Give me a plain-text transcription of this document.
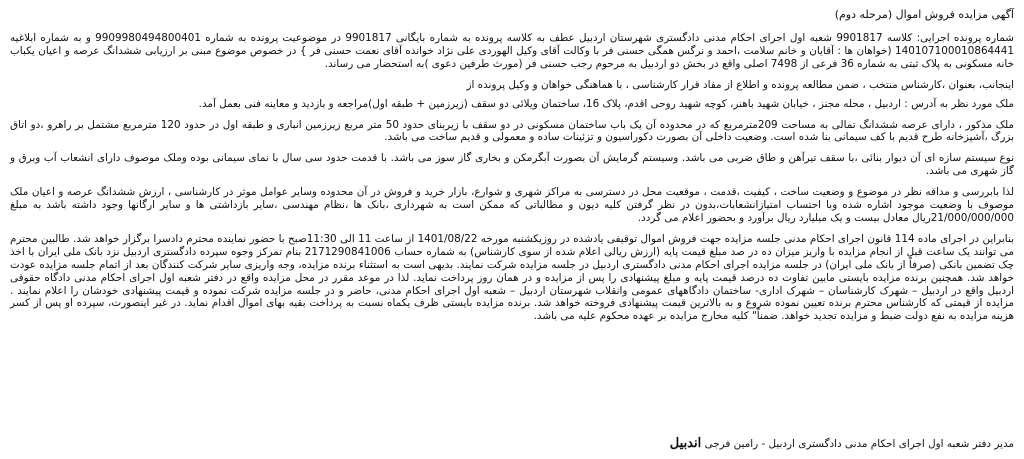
آگهی مزایده فروش اموال (مرحله دوم)

شماره پرونده اجرایی: کلاسه 9901817 شعبه اول اجرای احکام مدنی دادگستری شهرستان اردبیل عطف به کلاسه پرونده به شماره بایگانی 9901817 در موضوعیت پرونده به شماره 9909980494800401 و به شماره ابلاغیه 140107100010864441 (خواهان ها : آقایان و خانم سلامت ،احمد و نرگس همگی حسنی فر با وکالت آقای وکیل الهوردی علی نژاد خوانده آقای نعمت حسنی فر } در خصوص موضوع مبنی بر ارزیابی ششدانگ عرصه و اعیان یکباب خانه مسکونی به پلاک ثبتی به شماره 36 فرعی از 7498 اصلی واقع در بخش دو اردبیل به مرحوم رجب حسنی فر (مورث طرفین دعوی )به استحضار می رساند.

اینجانب، بعنوان ،کارشناس منتخب ، ضمن مطالعه پرونده و اطلاع از مفاد قرار کارشناسی ، با هماهنگی خواهان و وکیل پرونده از

ملک مورد نظر به آدرس : اردبیل ، محله مجنز ، خیابان شهید باهنر، کوچه شهید روحی اقدم، پلاک 16، ساختمان ویلائی دو سقف (زیرزمین + طبقه اول)مراجعه و بازدید و معاینه فنی بعمل آمد.

ملک مذکور ، دارای عرصه ششدانگ تمالی به مساحت 209مترمربع که در محدوده آن یک باب ساختمان مسکونی در دو سقف با زیربنای حدود 50 متر مربع زیرزمین انباری و طبقه اول در حدود 120 مترمربع مشتمل بر راهرو ،دو اتاق بزرگ ،آشپزخانه طرح قدیم با کف سیمانی بنا شده است. وضعیت داخلی آن بصورت دکوراسیون و تزئینات ساده و معمولی و قدیم ساخت می باشد.

نوع سیستم سازه ای آن دیوار بنائی ،با سقف تیرآهن و طاق ضربی می باشد. وسیستم گرمایش آن بصورت آبگرمکن و بخاری گاز سوز می باشد. با قدمت حدود سی سال با نمای سیمانی بوده وملک موصوف دارای انشعاب آب وبرق و گاز شهری می باشد.

لذا بابررسی و مداقه نظر در موضوع و وضعیت ساخت ، کیفیت ،قدمت ، موقعیت محل در دسترسی به مراکز شهری و شوارع، بازار خرید و فروش در آن محدوده وسایر عوامل موثر در کارشناسی ، ارزش ششدانگ عرصه و اعیان ملک موصوف با وضعیت موجود اشاره شده وبا احتساب امتیازانشعابات،بدون در نظر گرفتن کلیه دیون و مطالباتی که ممکن است به شهرداری ،بانک ها ،نظام مهندسی ،سایر بازداشتی ها و سایر ارگانها وجود داشته باشد به مبلغ 21/000/000/000ریال معادل بیست و یک میلیارد ریال برآورد و بحضور اعلام می گردد.

بنابراین در اجرای ماده 114 قانون اجرای احکام مدنی جلسه مزایده جهت فروش اموال توقیفی یادشده در روزیکشنبه مورخه 1401/08/22 از ساعت 11 الی 11:30صبح با حضور نماینده محترم دادسرا برگزار خواهد شد. طالبین محترم می توانند یک ساعت قبل از انجام مزایده با واریز میزان ده در صد مبلغ قیمت پایه (ارزش ریالی اعلام شده از سوی کارشناس) به شماره حساب 2171290841006 بنام تمرکز وجوه سپرده دادگستری اردبیل نزد بانک ملی ایران با اخذ چک تضمین بانکی (صرفاً از بانک ملی ایران) در جلسه مزایده اجرای احکام مدنی دادگستری اردبیل در جلسه مزایده شرکت نمایند. بدیهی است به استثناء برنده مزایده، وجه واریزی سایر شرکت کنندگان بعد از اتمام جلسه مزایده عودت خواهد شد. همچنین برنده مزایده بایستی مابین تفاوت ده درصد قیمت پایه و مبلغ پیشنهادی را پس از مزایده و در همان روز پرداخت نماید. لذا در موعد مقرر در محل مزایده واقع در دفتر شعبه اول اجرای احکام مدنی دادگاه حقوقی اردبیل واقع در اردبیل – شهرک کارشناسان – شهرک اداری- ساختمان دادگاههای عمومی وانقلاب شهرستان اردبیل – شعبه اول اجرای احکام مدنی، حاضر و در جلسه مزایده شرکت نموده و قیمت پیشنهادی خودشان را اعلام نمایند . مزایده از قیمتی که کارشناس محترم برنده تعیین نموده شروع و به بالاترین قیمت پیشنهادی فروخته خواهد شد. برنده مزایده بایستی ظرف یکماه نسبت به پرداخت بقیه بهای اموال اقدام نماید. در غیر اینصورت، سپرده او پس از کسر هزینه مزایده به نفع دولت ضبط و مزایده تجدید خواهد. ضمناً" کلیه مخارج مزایده بر عهده محکوم علیه می باشد.

مدیر دفتر شعبه اول اجرای احکام مدنی دادگستری اردبیل - رامین فرجی اندبیل
